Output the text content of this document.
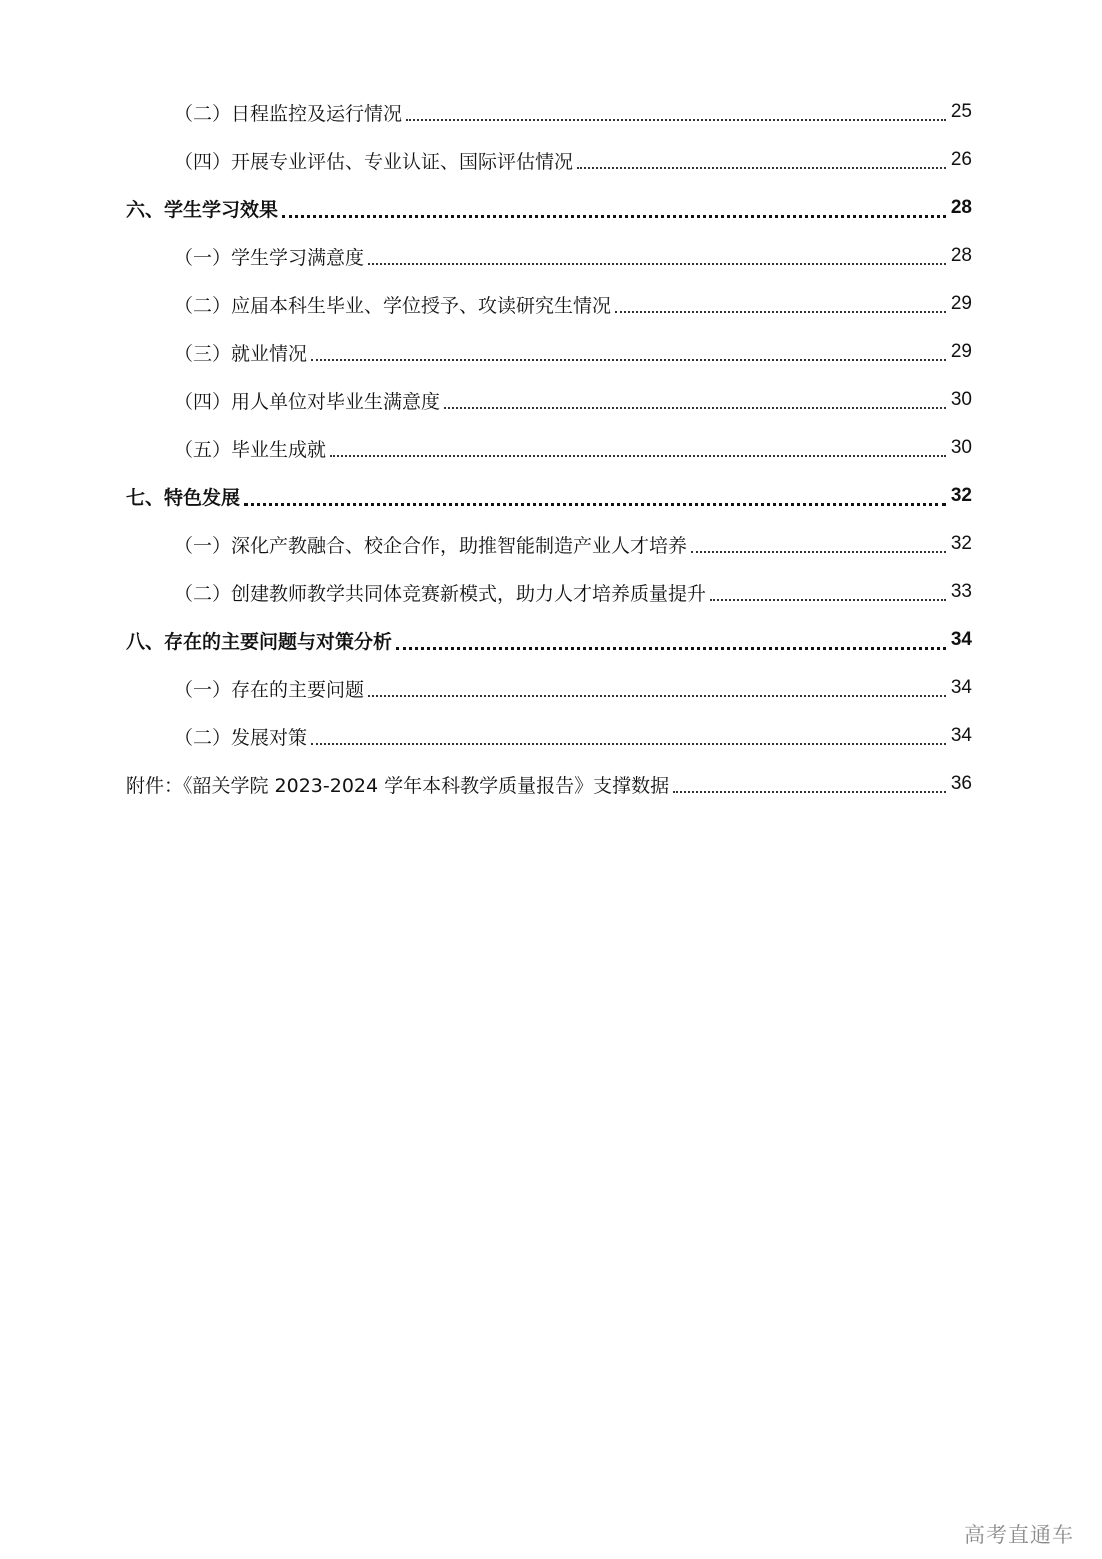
（二）日程监控及运行情况	25
（四）开展专业评估、专业认证、国际评估情况	26
六、学生学习效果	28
（一）学生学习满意度	28
（二）应届本科生毕业、学位授予、攻读研究生情况	29
（三）就业情况	29
（四）用人单位对毕业生满意度	30
（五）毕业生成就	30
七、特色发展	32
（一）深化产教融合、校企合作，助推智能制造产业人才培养	32
（二）创建教师教学共同体竞赛新模式，助力人才培养质量提升	33
八、存在的主要问题与对策分析	34
（一）存在的主要问题	34
（二）发展对策	34
附件：《韶关学院 2023-2024 学年本科教学质量报告》支撑数据	36
高考直通车
